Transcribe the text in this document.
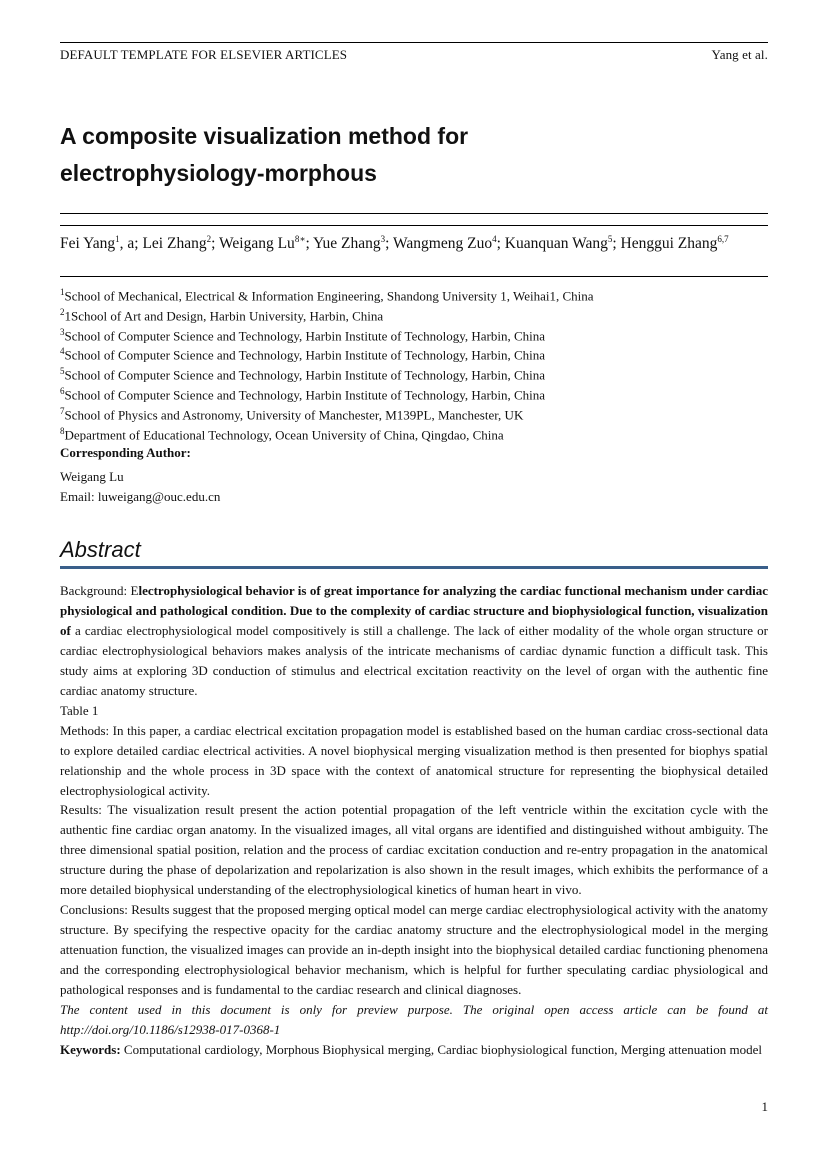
DEFAULT TEMPLATE FOR ELSEVIER ARTICLES	Yang et al.
A composite visualization method for
electrophysiology-morphous
Fei Yang$^1$, a; Lei Zhang$^2$; Weigang $Lu^{8∗}$; Yue Zhang$^3$; Wangmeng Zuo$^4$; Kuanquan Wang$^5$; Henggui Zhang$^{6,7}$
$^1$School of Mechanical, Electrical & Information Engineering, Shandong University 1, Weihai1, China
$^2$1School of Art and Design, Harbin University, Harbin, China
$^3$School of Computer Science and Technology, Harbin Institute of Technology, Harbin, China
$^4$School of Computer Science and Technology, Harbin Institute of Technology, Harbin, China
$^5$School of Computer Science and Technology, Harbin Institute of Technology, Harbin, China
$^6$School of Computer Science and Technology, Harbin Institute of Technology, Harbin, China
$^7$School of Physics and Astronomy, University of Manchester, M139PL, Manchester, UK
$^8$Department of Educational Technology, Ocean University of China, Qingdao, China
Corresponding Author:
Weigang Lu
Email: luweigang@ouc.edu.cn
Abstract

Background: Electrophysiological behavior is of great importance for analyzing the cardiac functional mechanism under cardiac physiological and pathological condition. Due to the complexity of cardiac structure and biophysiological function, visualization of a cardiac electrophysiological model compositively is still a challenge. The lack of either modality of the whole organ structure or cardiac electrophysiological behaviors makes analysis of the intricate mechanisms of cardiac dynamic function a difficult task. This study aims at exploring 3D conduction of stimulus and electrical excitation reactivity on the level of organ with the authentic fine cardiac anatomy structure.

Table 1

Methods: In this paper, a cardiac electrical excitation propagation model is established based on the human cardiac cross-sectional data to explore detailed cardiac electrical activities. A novel biophysical merging visualization method is then presented for biophys spatial relationship and the whole process in 3D space with the context of anatomical structure for representing the biophysical detailed electrophysiological activity.

Results: The visualization result present the action potential propagation of the left ventricle within the excitation cycle with the authentic fine cardiac organ anatomy. In the visualized images, all vital organs are identified and distinguished without ambiguity. The three dimensional spatial position, relation and the process of cardiac excitation conduction and re-entry propagation in the anatomical structure during the phase of depolarization and repolarization is also shown in the result images, which exhibits the performance of a more detailed biophysical understanding of the electrophysiological kinetics of human heart in vivo.

Conclusions: Results suggest that the proposed merging optical model can merge cardiac electrophysiological activity with the anatomy structure. By specifying the respective opacity for the cardiac anatomy structure and the electrophysiological model in the merging attenuation function, the visualized images can provide an in-depth insight into the biophysical detailed cardiac functioning phenomena and the corresponding electrophysiological behavior mechanism, which is helpful for further speculating cardiac physiological and pathological responses and is fundamental to the cardiac research and clinical diagnoses.

The content used in this document is only for preview purpose. The original open access article can be found at http://doi.org/10.1186/s12938-017-0368-1

Keywords: Computational cardiology, Morphous Biophysical merging, Cardiac biophysiological function, Merging attenuation model

1
